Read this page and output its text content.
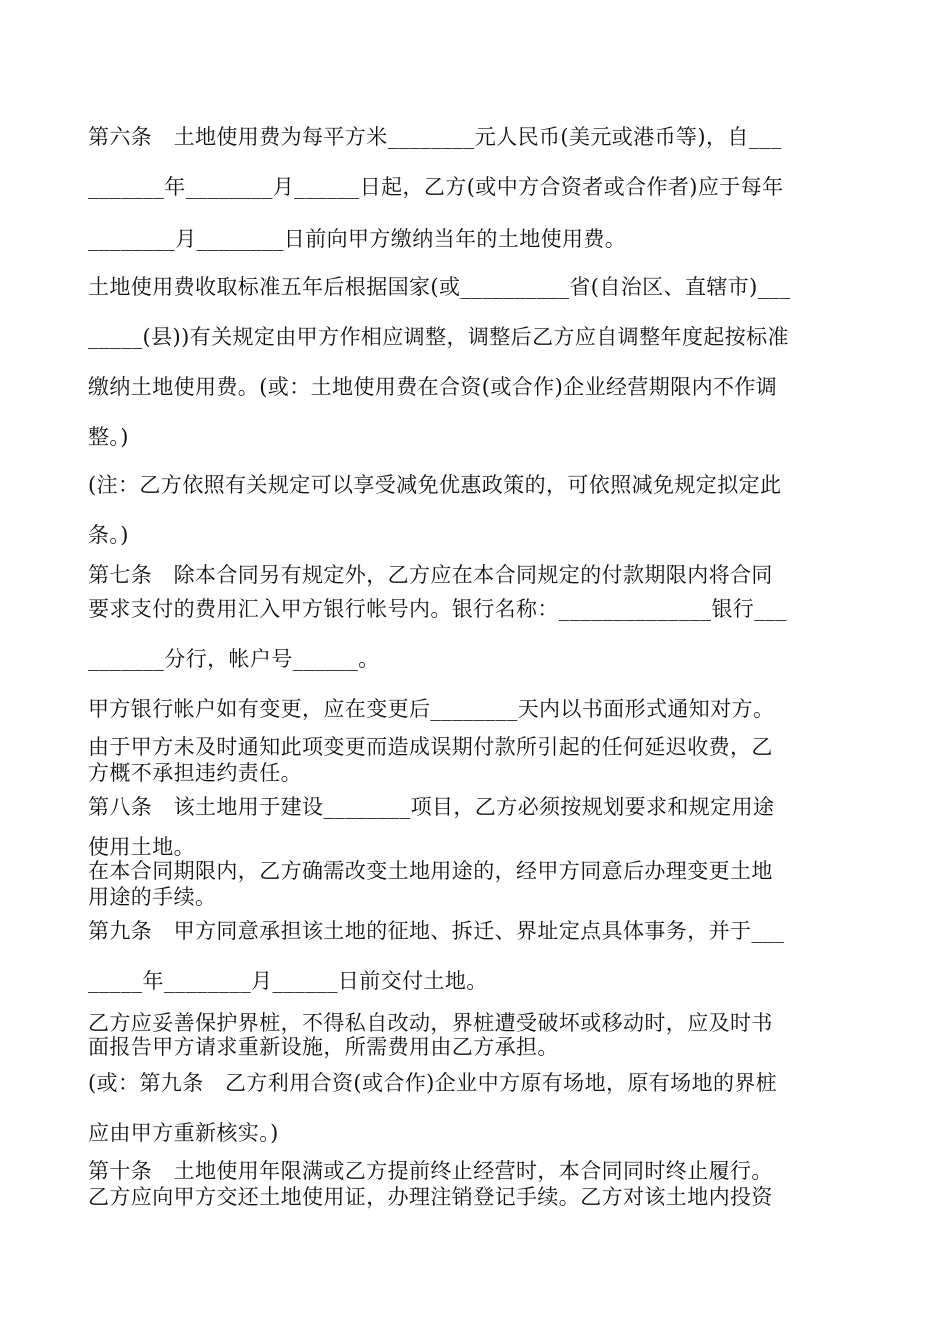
第六条　土地使用费为每平方米________元人民币(美元或港币等)，自___
_______年________月______日起，乙方(或中方合资者或合作者)应于每年
________月________日前向甲方缴纳当年的土地使用费。
土地使用费收取标准五年后根据国家(或__________省(自治区、直辖市)___
_____(县))有关规定由甲方作相应调整，调整后乙方应自调整年度起按标准
缴纳土地使用费。(或：土地使用费在合资(或合作)企业经营期限内不作调
整。)
(注：乙方依照有关规定可以享受减免优惠政策的，可依照减免规定拟定此
条。)
第七条　除本合同另有规定外，乙方应在本合同规定的付款期限内将合同
要求支付的费用汇入甲方银行帐号内。银行名称：______________银行___
_______分行，帐户号______。
甲方银行帐户如有变更，应在变更后________天内以书面形式通知对方。
由于甲方未及时通知此项变更而造成误期付款所引起的任何延迟收费，乙
方概不承担违约责任。
第八条　该土地用于建设________项目，乙方必须按规划要求和规定用途
使用土地。
在本合同期限内，乙方确需改变土地用途的，经甲方同意后办理变更土地
用途的手续。
第九条　甲方同意承担该土地的征地、拆迁、界址定点具体事务，并于___
_____年________月______日前交付土地。
乙方应妥善保护界桩，不得私自改动，界桩遭受破坏或移动时，应及时书
面报告甲方请求重新设施，所需费用由乙方承担。
(或：第九条　乙方利用合资(或合作)企业中方原有场地，原有场地的界桩
应由甲方重新核实。)
第十条　土地使用年限满或乙方提前终止经营时，本合同同时终止履行。
乙方应向甲方交还土地使用证，办理注销登记手续。乙方对该土地内投资
